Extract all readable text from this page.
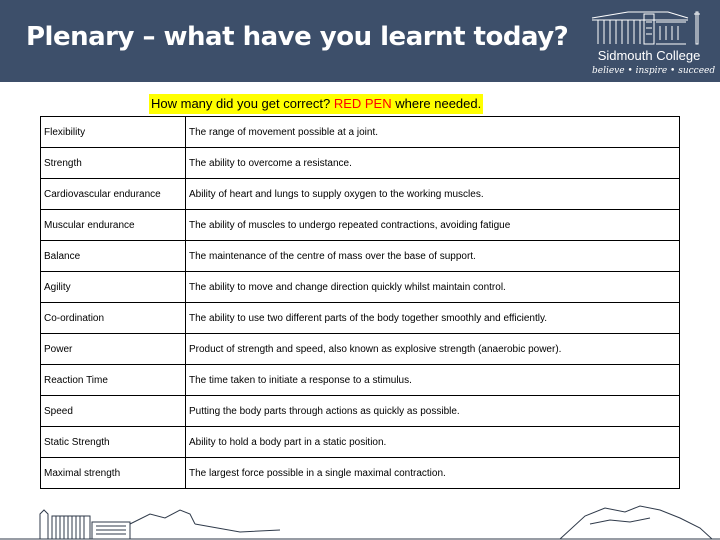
Plenary – what have you learnt today?
Sidmouth College
believe • inspire • succeed
How many did you get correct? RED PEN where needed.
Flexibility	The range of movement possible at a joint.
Strength	The ability to overcome a resistance.
Cardiovascular endurance	Ability of heart and lungs to supply oxygen to the working muscles.
Muscular endurance	The ability of muscles to undergo repeated contractions, avoiding fatigue
Balance	The maintenance of the centre of mass over the base of support.
Agility	The ability to move and change direction quickly whilst maintain control.
Co-ordination	The ability to use two different parts of the body together smoothly and efficiently.
Power	Product of strength and speed, also known as explosive strength (anaerobic power).
Reaction Time	The time taken to initiate a response to a stimulus.
Speed	Putting the body parts through actions as quickly as possible.
Static Strength	Ability to hold a body part in a static position.
Maximal strength	The largest force possible in a single maximal contraction.
